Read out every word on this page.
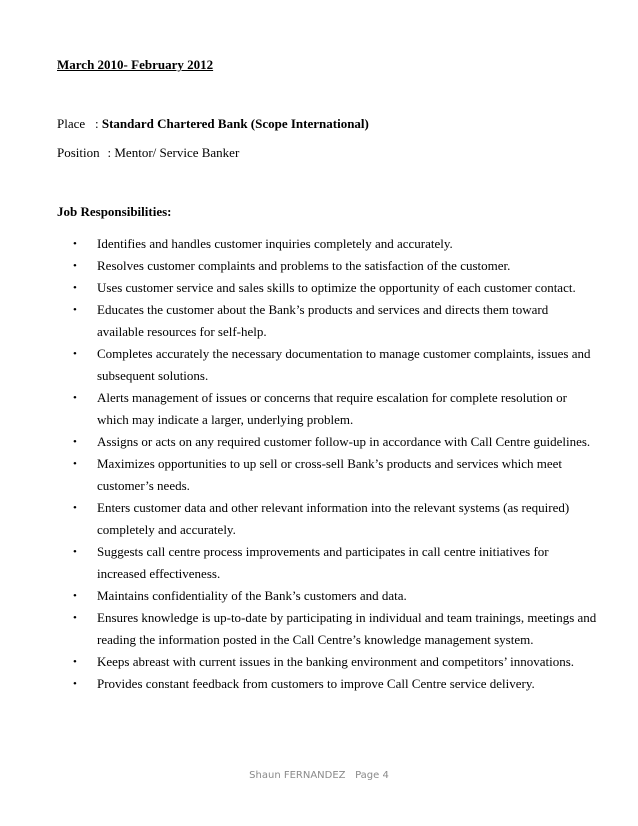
March 2010- February 2012
Place : Standard Chartered Bank (Scope International)
Position  : Mentor/ Service Banker
Job Responsibilities:
• Identifies and handles customer inquiries completely and accurately.
• Resolves customer complaints and problems to the satisfaction of the customer.
• Uses customer service and sales skills to optimize the opportunity of each customer contact.
• Educates the customer about the Bank’s products and services and directs them toward available resources for self-help.
• Completes accurately the necessary documentation to manage customer complaints, issues and subsequent solutions.
• Alerts management of issues or concerns that require escalation for complete resolution or which may indicate a larger, underlying problem.
• Assigns or acts on any required customer follow-up in accordance with Call Centre guidelines.
• Maximizes opportunities to up sell or cross-sell Bank’s products and services which meet customer’s needs.
• Enters customer data and other relevant information into the relevant systems (as required) completely and accurately.
• Suggests call centre process improvements and participates in call centre initiatives for increased effectiveness.
• Maintains confidentiality of the Bank’s customers and data.
• Ensures knowledge is up-to-date by participating in individual and team trainings, meetings and reading the information posted in the Call Centre’s knowledge management system.
• Keeps abreast with current issues in the banking environment and competitors’ innovations.
• Provides constant feedback from customers to improve Call Centre service delivery.
Shaun FERNANDEZ Page 4
